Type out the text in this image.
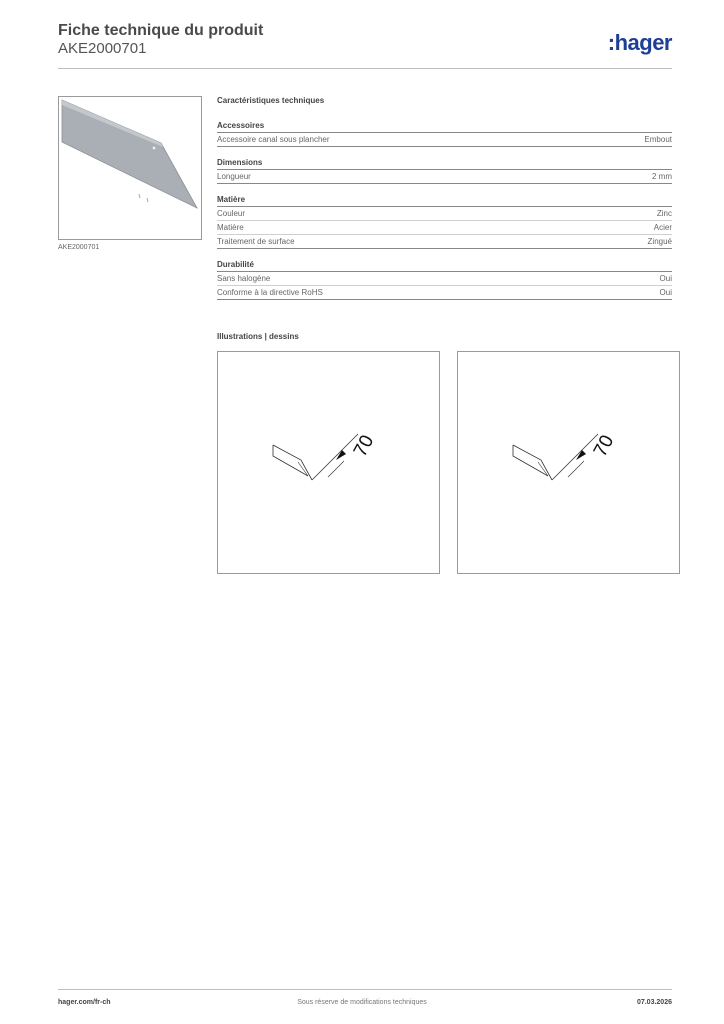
Fiche technique du produit
AKE2000701	:hager
AKE2000701
Caractéristiques techniques
Accessoires
Accessoire canal sous plancher	Embout
Dimensions
Longueur	2 mm
Matière
Couleur	Zinc
Matière	Acier
Traitement de surface	Zingué
Durabilité
Sans halogène	Oui
Conforme à la directive RoHS	Oui
Illustrations | dessins
70	70
hager.com/fr-ch	Sous réserve de modifications techniques	07.03.2026
